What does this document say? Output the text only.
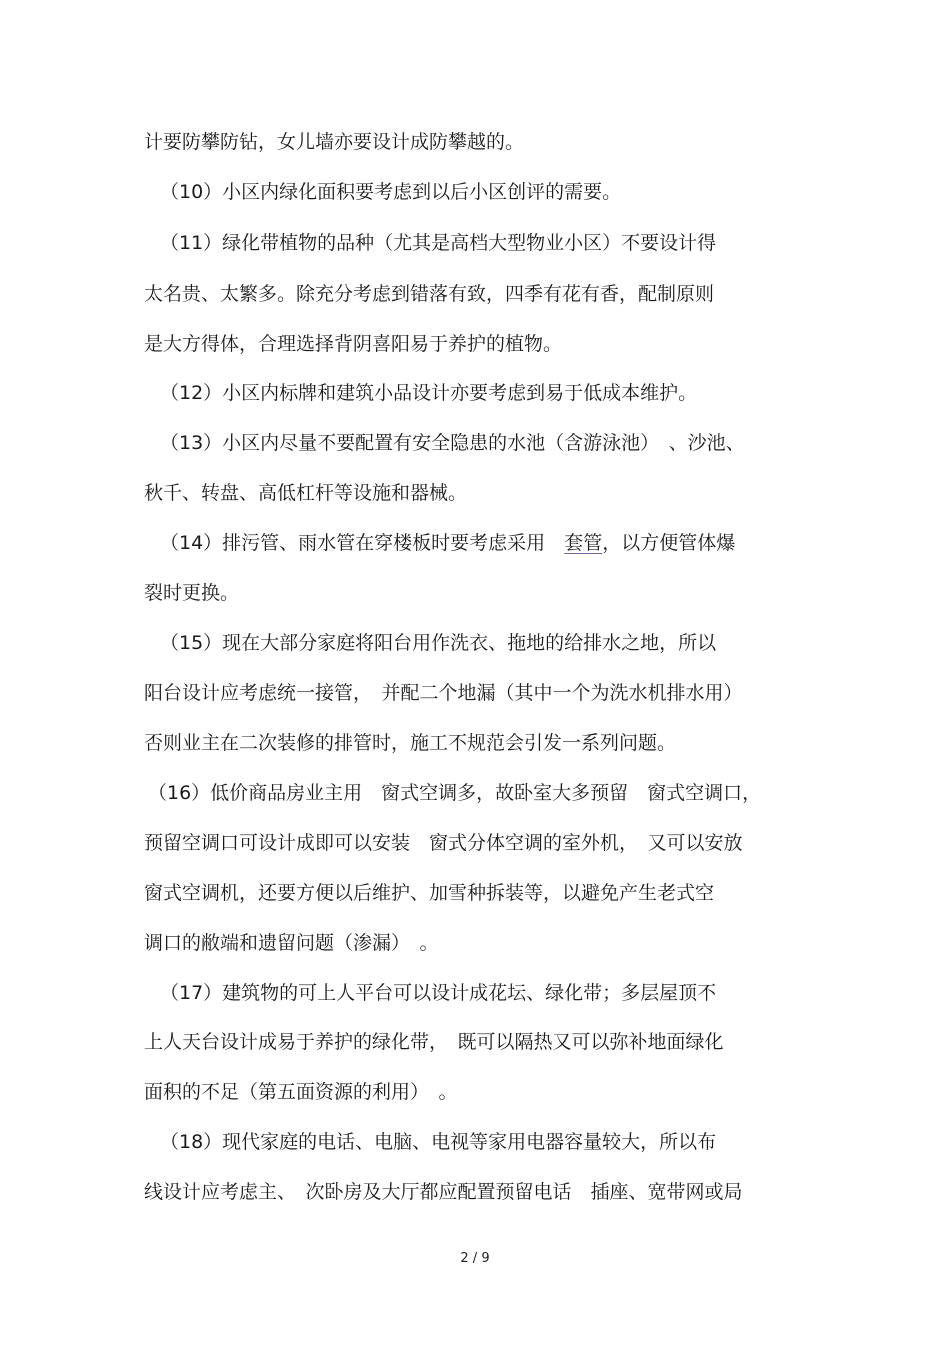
计要防攀防钻，女儿墙亦要设计成防攀越的。
（10）小区内绿化面积要考虑到以后小区创评的需要。
（11）绿化带植物的品种（尤其是高档大型物业小区）不要设计得
太名贵、太繁多。除充分考虑到错落有致，四季有花有香，配制原则
是大方得体，合理选择背阴喜阳易于养护的植物。
（12）小区内标牌和建筑小品设计亦要考虑到易于低成本维护。
（13）小区内尽量不要配置有安全隐患的水池（含游泳池）　、沙池、
秋千、转盘、高低杠杆等设施和器械。
（14）排污管、雨水管在穿楼板时要考虑采用　套管，以方便管体爆
裂时更换。
（15）现在大部分家庭将阳台用作洗衣、拖地的给排水之地，所以
阳台设计应考虑统一接管，　并配二个地漏（其中一个为洗水机排水用）
否则业主在二次装修的排管时，施工不规范会引发一系列问题。
（16）低价商品房业主用　窗式空调多，故卧室大多预留　窗式空调口，
预留空调口可设计成即可以安装　窗式分体空调的室外机，　又可以安放
窗式空调机，还要方便以后维护、加雪种拆装等，以避免产生老式空
调口的敝端和遗留问题（渗漏）　。
（17）建筑物的可上人平台可以设计成花坛、绿化带；多层屋顶不
上人天台设计成易于养护的绿化带，　既可以隔热又可以弥补地面绿化
面积的不足（第五面资源的利用）　。
（18）现代家庭的电话、电脑、电视等家用电器容量较大，所以布
线设计应考虑主、　次卧房及大厅都应配置预留电话　插座、宽带网或局
2 / 9
